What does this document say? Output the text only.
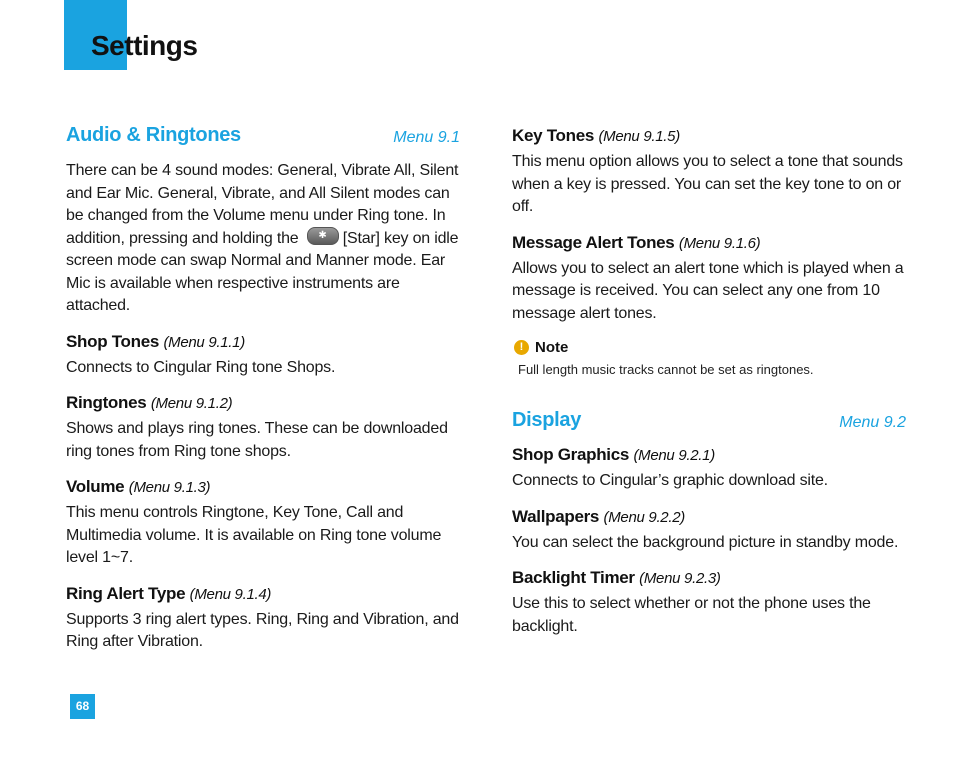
Settings
Audio & Ringtones	Menu 9.1

There can be 4 sound modes: General, Vibrate All, Silent and Ear Mic. General, Vibrate, and All Silent modes can be changed from the Volume menu under Ring tone. In addition, pressing and holding the ✱ [Star] key on idle screen mode can swap Normal and Manner mode. Ear Mic is available when respective instruments are attached.

Shop Tones (Menu 9.1.1)

Connects to Cingular Ring tone Shops.

Ringtones (Menu 9.1.2)

Shows and plays ring tones. These can be downloaded ring tones from Ring tone shops.

Volume (Menu 9.1.3)

This menu controls Ringtone, Key Tone, Call and Multimedia volume. It is available on Ring tone volume level 1~7.

Ring Alert Type (Menu 9.1.4)

Supports 3 ring alert types. Ring, Ring and Vibration, and Ring after Vibration.

Key Tones (Menu 9.1.5)

This menu option allows you to select a tone that sounds when a key is pressed. You can set the key tone to on or off.

Message Alert Tones (Menu 9.1.6)

Allows you to select an alert tone which is played when a message is received. You can select any one from 10 message alert tones.

! Note

Full length music tracks cannot be set as ringtones.

Display	Menu 9.2
Shop Graphics (Menu 9.2.1)

Connects to Cingular’s graphic download site.

Wallpapers (Menu 9.2.2)

You can select the background picture in standby mode.

Backlight Timer (Menu 9.2.3)

Use this to select whether or not the phone uses the backlight.

68
